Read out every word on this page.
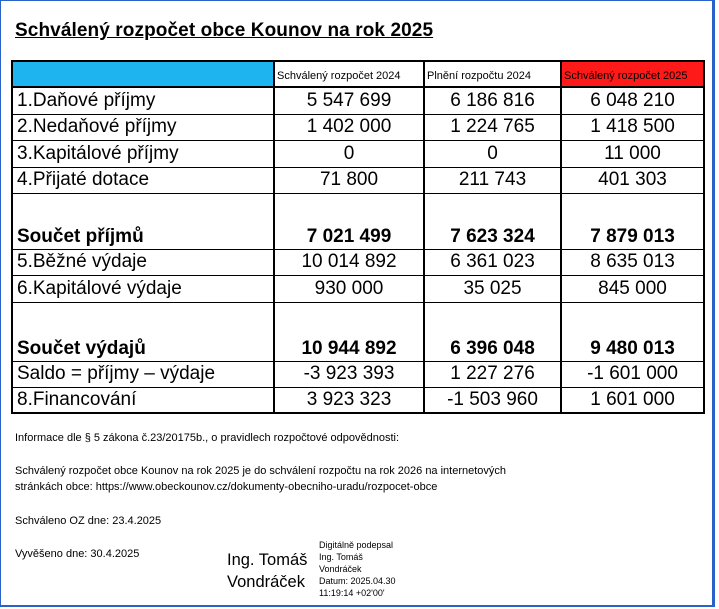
Schválený rozpočet obce Kounov na rok 2025
	Schválený rozpočet 2024	Plnění rozpočtu 2024	Schválený rozpočet 2025
1.Daňové příjmy	5 547 699	6 186 816	6 048 210
2.Nedaňové příjmy	1 402 000	1 224 765	1 418 500
3.Kapitálové příjmy	0	0	11 000
4.Přijaté dotace	71 800	211 743	401 303
Součet příjmů	7 021 499	7 623 324	7 879 013
5.Běžné výdaje	10 014 892	6 361 023	8 635 013
6.Kapitálové výdaje	930 000	35 025	845 000
Součet výdajů	10 944 892	6 396 048	9 480 013
Saldo = příjmy – výdaje	-3 923 393	1 227 276	-1 601 000
8.Financování	3 923 323	-1 503 960	1 601 000
Informace dle § 5 zákona č.23/20175b., o pravidlech rozpočtové odpovědnosti:
Schválený rozpočet obce Kounov na rok 2025 je do schválení rozpočtu na rok 2026 na internetových
stránkách obce: https://www.obeckounov.cz/dokumenty-obecniho-uradu/rozpocet-obce
Schváleno OZ dne: 23.4.2025
Vyvěšeno dne: 30.4.2025	Ing. Tomáš
Vondráček
Digitálně podepsal
Ing. Tomáš
Vondráček
Datum: 2025.04.30
11:19:14 +02'00'
